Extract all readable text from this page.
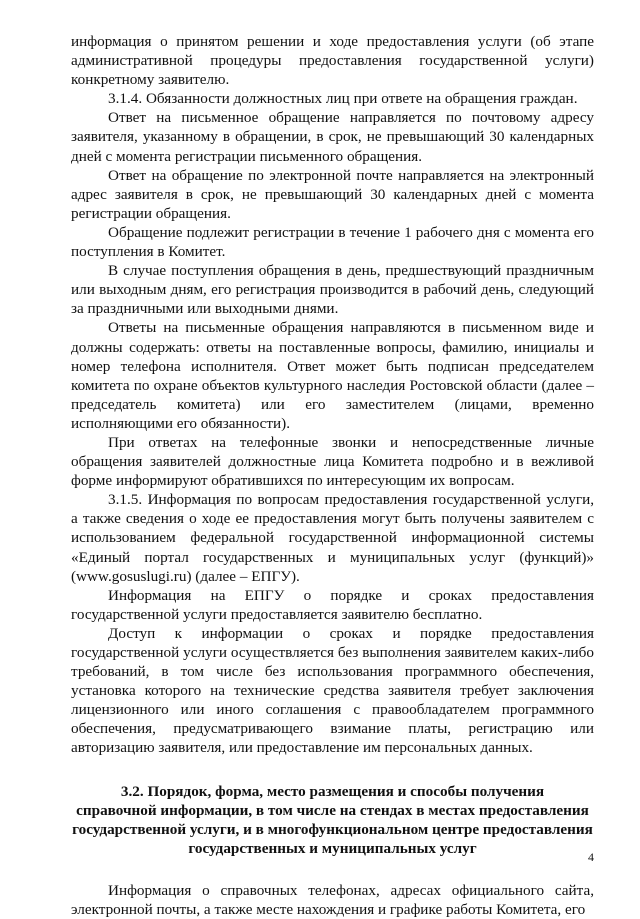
информация о принятом решении и ходе предоставления услуги (об этапе административной процедуры предоставления государственной услуги) конкретному заявителю.

3.1.4. Обязанности должностных лиц при ответе на обращения граждан.

Ответ на письменное обращение направляется по почтовому адресу заявителя, указанному в обращении, в срок, не превышающий 30 календарных дней с момента регистрации письменного обращения.

Ответ на обращение по электронной почте направляется на электронный адрес заявителя в срок, не превышающий 30 календарных дней с момента регистрации обращения.

Обращение подлежит регистрации в течение 1 рабочего дня с момента его поступления в Комитет.

В случае поступления обращения в день, предшествующий праздничным или выходным дням, его регистрация производится в рабочий день, следующий за праздничными или выходными днями.

Ответы на письменные обращения направляются в письменном виде и должны содержать: ответы на поставленные вопросы, фамилию, инициалы и номер телефона исполнителя. Ответ может быть подписан председателем комитета по охране объектов культурного наследия Ростовской области (далее – председатель комитета) или его заместителем (лицами, временно исполняющими его обязанности).

При ответах на телефонные звонки и непосредственные личные обращения заявителей должностные лица Комитета подробно и в вежливой форме информируют обратившихся по интересующим их вопросам.

3.1.5. Информация по вопросам предоставления государственной услуги, а также сведения о ходе ее предоставления могут быть получены заявителем с использованием федеральной государственной информационной системы «Единый портал государственных и муниципальных услуг (функций)» (www.gosuslugi.ru) (далее – ЕПГУ).

Информация на ЕПГУ о порядке и сроках предоставления государственной услуги предоставляется заявителю бесплатно.

Доступ к информации о сроках и порядке предоставления государственной услуги осуществляется без выполнения заявителем каких-либо требований, в том числе без использования программного обеспечения, установка которого на технические средства заявителя требует заключения лицензионного или иного соглашения с правообладателем программного обеспечения, предусматривающего взимание платы, регистрацию или авторизацию заявителя, или предоставление им персональных данных.

3.2. Порядок, форма, место размещения и способы получения
справочной информации, в том числе на стендах в местах предоставления
государственной услуги, и в многофункциональном центре предоставления
государственных и муниципальных услуг

Информация о справочных телефонах, адресах официального сайта, электронной почты, а также месте нахождения и графике работы Комитета, его

4
